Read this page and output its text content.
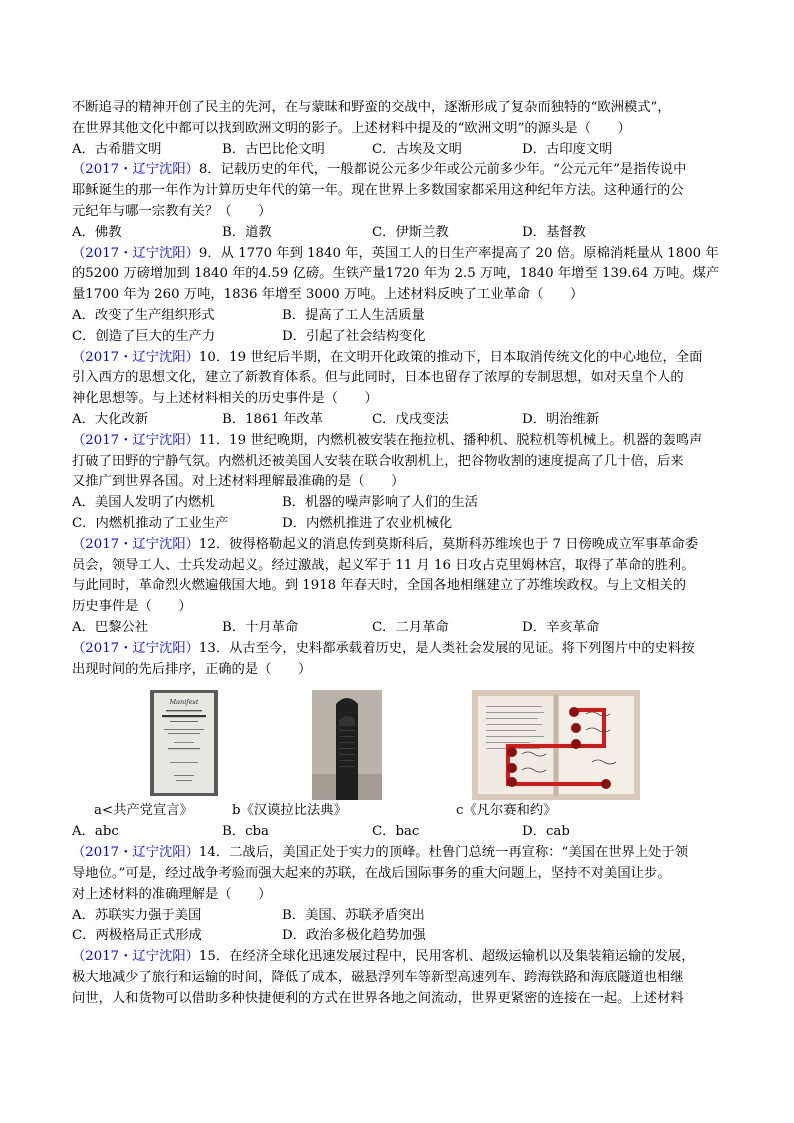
不断追寻的精神开创了民主的先河，在与蒙昧和野蛮的交战中，逐渐形成了复杂而独特的“欧洲模式”，
在世界其他文化中都可以找到欧洲文明的影子。上述材料中提及的“欧洲文明”的源头是（　　）
A．古希腊文明	B．古巴比伦文明	C．古埃及文明	D．古印度文明
（2017・辽宁沈阳）8．记载历史的年代，一般都说公元多少年或公元前多少年。“公元元年”是指传说中
耶稣诞生的那一年作为计算历史年代的第一年。现在世界上多数国家都采用这种纪年方法。这种通行的公
元纪年与哪一宗教有关？（　　）
A．佛教	B．道教	C．伊斯兰教	D．基督教
（2017・辽宁沈阳）9．从 1770 年到 1840 年，英国工人的日生产率提高了 20 倍。原棉消耗量从 1800 年
的5200 万磅增加到 1840 年的4.59 亿磅。生铁产量1720 年为 2.5 万吨，1840 年增至 139.64 万吨。煤产
量1700 年为 260 万吨，1836 年增至 3000 万吨。上述材料反映了工业革命（　　）
A．改变了生产组织形式	B．提高了工人生活质量
C．创造了巨大的生产力	D．引起了社会结构变化
（2017・辽宁沈阳）10．19 世纪后半期，在文明开化政策的推动下，日本取消传统文化的中心地位，全面
引入西方的思想文化，建立了新教育体系。但与此同时，日本也留存了浓厚的专制思想，如对天皇个人的
神化思想等。与上述材料相关的历史事件是（　　）
A．大化改新	B．1861 年改革	C．戊戌变法	D．明治维新
（2017・辽宁沈阳）11．19 世纪晚期，内燃机被安装在拖拉机、播种机、脱粒机等机械上。机器的轰鸣声
打破了田野的宁静气氛。内燃机还被美国人安装在联合收割机上，把谷物收割的速度提高了几十倍，后来
又推广到世界各国。对上述材料理解最准确的是（　　）
A．美国人发明了内燃机	B．机器的噪声影响了人们的生活
C．内燃机推动了工业生产	D．内燃机推进了农业机械化
（2017・辽宁沈阳）12．彼得格勒起义的消息传到莫斯科后，莫斯科苏维埃也于 7 日傍晚成立军事革命委
员会，领导工人、士兵发动起义。经过激战，起义军于 11 月 16 日攻占克里姆林宫，取得了革命的胜利。
与此同时，革命烈火燃遍俄国大地。到 1918 年春天时，全国各地相继建立了苏维埃政权。与上文相关的
历史事件是（　　）
A．巴黎公社	B．十月革命	C．二月革命	D．辛亥革命
（2017・辽宁沈阳）13．从古至今，史料都承载着历史，是人类社会发展的见证。将下列图片中的史料按
出现时间的先后排序，正确的是（　　）
Manifest
a<共产党宣言》	b《汉谟拉比法典》	c《凡尔赛和约》
A．abc	B．cba	C．bac	D．cab
（2017・辽宁沈阳）14．二战后，美国正处于实力的顶峰。杜鲁门总统一再宣称：“美国在世界上处于领
导地位。”可是，经过战争考验而强大起来的苏联，在战后国际事务的重大问题上，坚持不对美国让步。
对上述材料的准确理解是（　　）
A．苏联实力强于美国	B．美国、苏联矛盾突出
C．两极格局正式形成	D．政治多极化趋势加强
（2017・辽宁沈阳）15．在经济全球化迅速发展过程中，民用客机、超级运输机以及集装箱运输的发展，
极大地减少了旅行和运输的时间，降低了成本，磁悬浮列车等新型高速列车、跨海铁路和海底隧道也相继
问世，人和货物可以借助多种快捷便利的方式在世界各地之间流动，世界更紧密的连接在一起。上述材料
